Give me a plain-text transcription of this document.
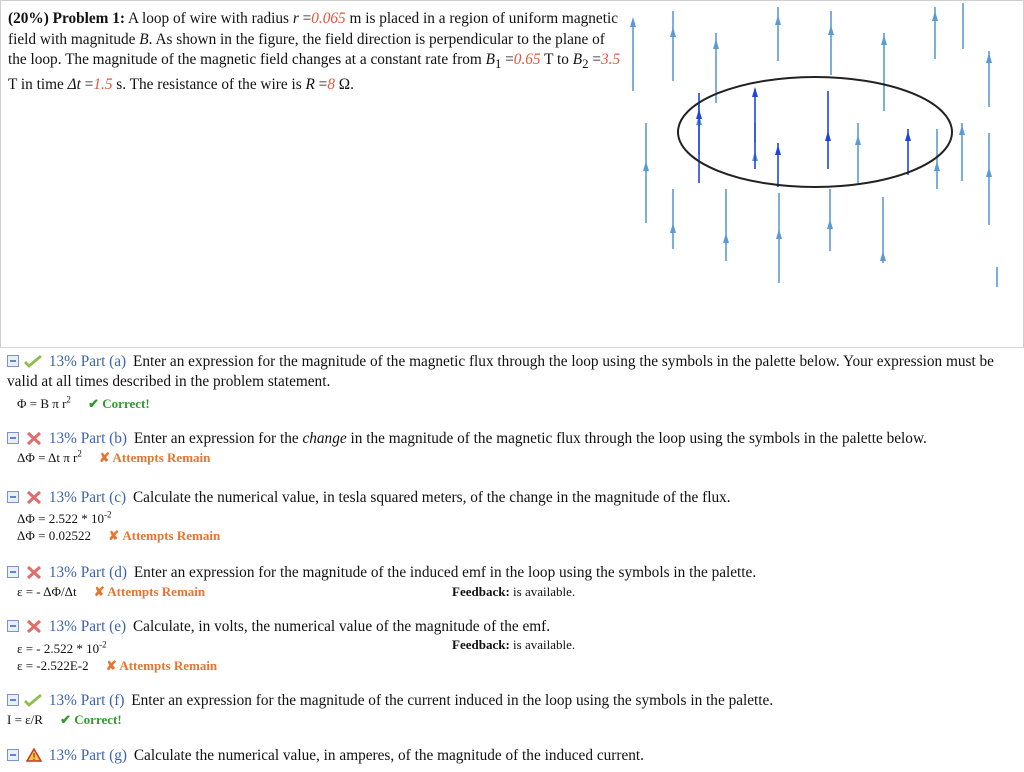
(20%) Problem 1: A loop of wire with radius r =0.065 m is placed in a region of uniform magnetic field with magnitude B. As shown in the figure, the field direction is perpendicular to the plane of the loop. The magnitude of the magnetic field changes at a constant rate from $B_1 =0.65$ T to $B_2 =3.5$ T in time Δt =1.5 s. The resistance of the wire is R =8 Ω.
13% Part (a) Enter an expression for the magnitude of the magnetic flux through the loop using the symbols in the palette below. Your expression must be valid at all times described in the problem statement.
Φ = B π $r^2$ ✔ Correct!
13% Part (b) Enter an expression for the change in the magnitude of the magnetic flux through the loop using the symbols in the palette below.
ΔΦ = Δt π $r^2$ ✘ Attempts Remain
13% Part (c) Calculate the numerical value, in tesla squared meters, of the change in the magnitude of the flux.
$\Delta\Phi = 2.522 * 10^{-2}$
ΔΦ = 0.02522 ✘ Attempts Remain
13% Part (d) Enter an expression for the magnitude of the induced emf in the loop using the symbols in the palette.
ε = - ΔΦ/Δt ✘ Attempts Remain	Feedback: is available.
13% Part (e) Calculate, in volts, the numerical value of the magnitude of the emf.
ε = - $2.522 * 10^{-2}$	Feedback: is available.
ε = -2.522E-2 ✘ Attempts Remain
13% Part (f) Enter an expression for the magnitude of the current induced in the loop using the symbols in the palette.
I = ε/R ✔ Correct!
13% Part (g) Calculate the numerical value, in amperes, of the magnitude of the induced current.
